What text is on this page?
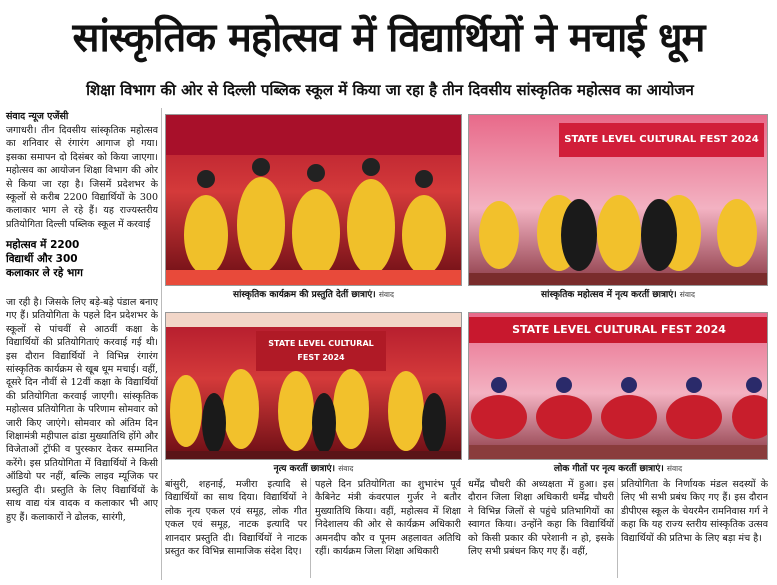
सांस्कृतिक महोत्सव में विद्यार्थियों ने मचाई धूम
शिक्षा विभाग की ओर से दिल्ली पब्लिक स्कूल में किया जा रहा है तीन दिवसीय सांस्कृतिक महोत्सव का आयोजन
संवाद न्यूज एजेंसी
जगाधरी। तीन दिवसीय सांस्कृतिक महोत्सव का शनिवार से रंगारंग आगाज हो गया। इसका समापन दो दिसंबर को किया जाएगा। महोत्सव का आयोजन शिक्षा विभाग की ओर से किया जा रहा है। जिसमें प्रदेशभर के स्कूलों से करीब 2200 विद्यार्थियों के 300 कलाकार भाग ले रहे हैं। यह राज्यस्तरीय प्रतियोगिता दिल्ली पब्लिक स्कूल में करवाई
महोत्सव में 2200
विद्यार्थी और 300
कलाकार ले रहे भाग
जा रही है। जिसके लिए बड़े-बड़े पंडाल बनाए गए हैं। प्रतियोगिता के पहले दिन प्रदेशभर के स्कूलों से पांचवीं से आठवीं कक्षा के विद्यार्थियों की प्रतियोगिताएं करवाई गई थी। इस दौरान विद्यार्थियों ने विभिन्न रंगारंग सांस्कृतिक कार्यक्रम से खूब धूम मचाई। वहीं, दूसरे दिन नौवीं से 12वीं कक्षा के विद्यार्थियों की प्रतियोगिता करवाई जाएगी। सांस्कृतिक महोत्सव प्रतियोगिता के परिणाम सोमवार को जारी किए जाएंगे। सोमवार को अंतिम दिन शिक्षामंत्री महीपाल ढांडा मुख्यातिथि होंगे और विजेताओं ट्रॉफी व पुरस्कार देकर सम्मानित करेंगे। इस प्रतियोगिता में विद्यार्थियों ने किसी ऑडियो पर नहीं, बल्कि लाइव म्यूजिक पर प्रस्तुति दी। प्रस्तुति के लिए विद्यार्थियों के साथ वाद्य यंत्र वादक व कलाकार भी आए हुए हैं। कलाकारों ने ढोलक, सारंगी,
सांस्कृतिक कार्यक्रम की प्रस्तुति देतीं छात्राएं। संवाद
STATE LEVEL CULTURAL FEST 2024
सांस्कृतिक महोत्सव में नृत्य करतीं छात्राएं। संवाद
STATE LEVEL CULTURAL FEST 2024
नृत्य करतीं छात्राएं। संवाद
STATE LEVEL CULTURAL FEST 2024
लोक गीतों पर नृत्य करतीं छात्राएं। संवाद
बांसुरी, शहनाई, मजीरा इत्यादि से विद्यार्थियों का साथ दिया। विद्यार्थियों ने लोक नृत्य एकल एवं समूह, लोक गीत एकल एवं समूह, नाटक इत्यादि पर शानदार प्रस्तुति दी। विद्यार्थियों ने नाटक प्रस्तुत कर विभिन्न सामाजिक संदेश दिए।
पहले दिन प्रतियोगिता का शुभारंभ पूर्व कैबिनेट मंत्री कंवरपाल गुर्जर ने बतौर मुख्यातिथि किया। वहीं, महोत्सव में शिक्षा निदेशालय की ओर से कार्यक्रम अधिकारी अमनदीप कौर व पूनम अहलावत अतिथि रहीं। कार्यक्रम जिला शिक्षा अधिकारी
धर्मेंद्र चौधरी की अध्यक्षता में हुआ। इस दौरान जिला शिक्षा अधिकारी धर्मेंद्र चौधरी ने विभिन्न जिलों से पहुंचे प्रतिभागियों का स्वागत किया। उन्होंने कहा कि विद्यार्थियों को किसी प्रकार की परेशानी न हो, इसके लिए सभी प्रबंधन किए गए हैं। वहीं,
प्रतियोगिता के निर्णायक मंडल सदस्यों के लिए भी सभी प्रबंध किए गए हैं। इस दौरान डीपीएस स्कूल के चेयरमैन रामनिवास गर्ग ने कहा कि यह राज्य स्तरीय सांस्कृतिक उत्सव विद्यार्थियों की प्रतिभा के लिए बड़ा मंच है।
